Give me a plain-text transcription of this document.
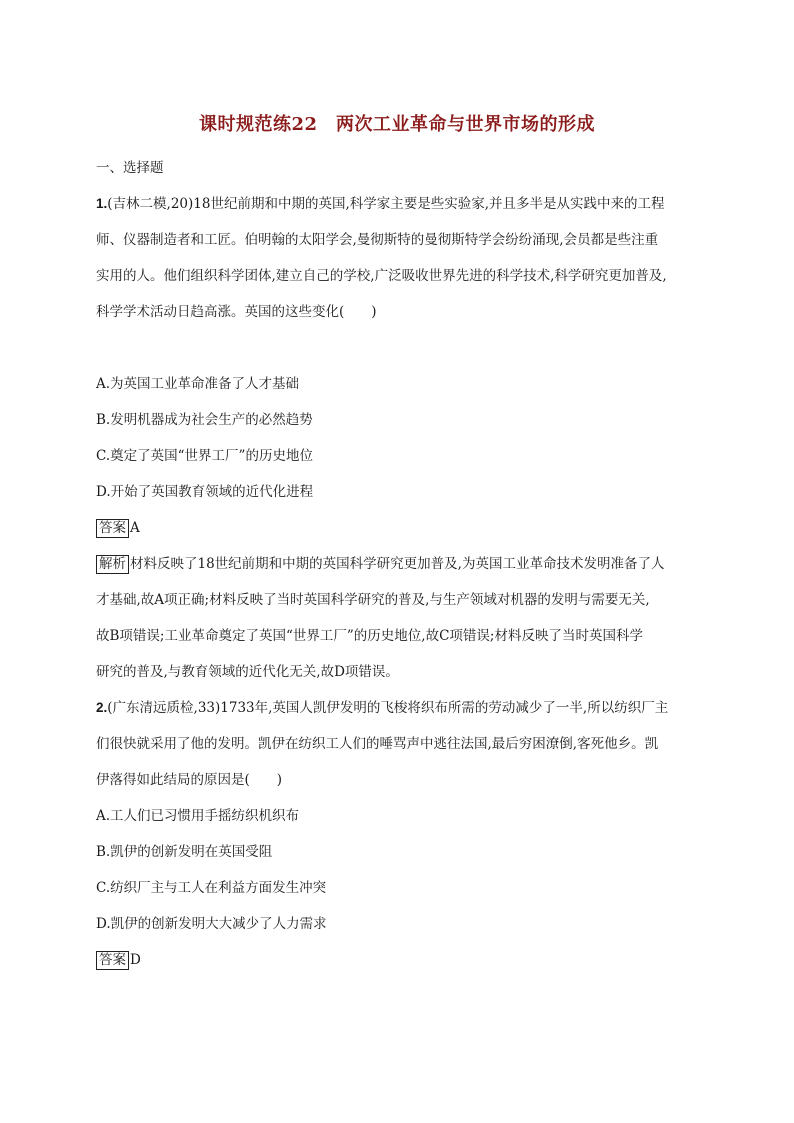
课时规范练22　两次工业革命与世界市场的形成

一、选择题

1.(吉林二模,20)18世纪前期和中期的英国,科学家主要是些实验家,并且多半是从实践中来的工程

师、仪器制造者和工匠。伯明翰的太阳学会,曼彻斯特的曼彻斯特学会纷纷涌现,会员都是些注重

实用的人。他们组织科学团体,建立自己的学校,广泛吸收世界先进的科学技术,科学研究更加普及,

科学学术活动日趋高涨。英国的这些变化(　　)

A.为英国工业革命准备了人才基础

B.发明机器成为社会生产的必然趋势

C.奠定了英国“世界工厂”的历史地位

D.开始了英国教育领域的近代化进程

答案 A

解析 材料反映了18世纪前期和中期的英国科学研究更加普及,为英国工业革命技术发明准备了人

才基础,故A项正确;材料反映了当时英国科学研究的普及,与生产领域对机器的发明与需要无关,

故B项错误;工业革命奠定了英国“世界工厂”的历史地位,故C项错误;材料反映了当时英国科学

研究的普及,与教育领域的近代化无关,故D项错误。

2.(广东清远质检,33)1733年,英国人凯伊发明的飞梭将织布所需的劳动减少了一半,所以纺织厂主

们很快就采用了他的发明。凯伊在纺织工人们的唾骂声中逃往法国,最后穷困潦倒,客死他乡。凯

伊落得如此结局的原因是(　　)

A.工人们已习惯用手摇纺织机织布

B.凯伊的创新发明在英国受阻

C.纺织厂主与工人在利益方面发生冲突

D.凯伊的创新发明大大减少了人力需求

答案 D
